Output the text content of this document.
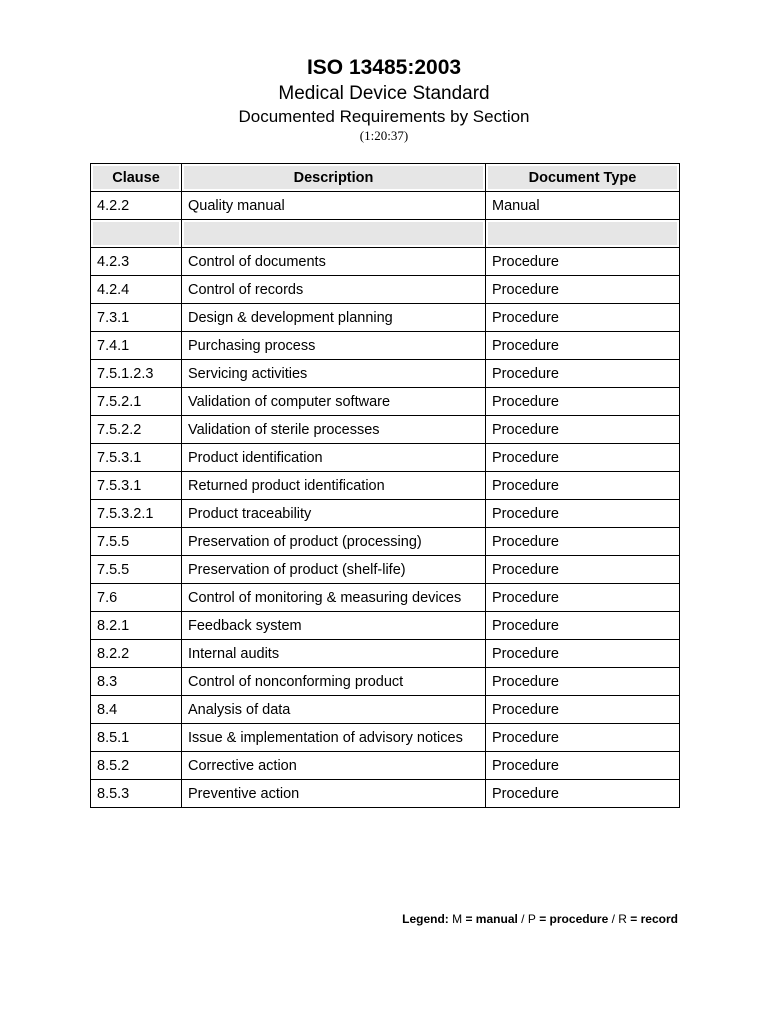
ISO 13485:2003
Medical Device Standard
Documented Requirements by Section
(1:20:37)
Clause	Description	Document Type
4.2.2	Quality manual	Manual

4.2.3	Control of documents	Procedure
4.2.4	Control of records	Procedure
7.3.1	Design & development planning	Procedure
7.4.1	Purchasing process	Procedure
7.5.1.2.3	Servicing activities	Procedure
7.5.2.1	Validation of computer software	Procedure
7.5.2.2	Validation of sterile processes	Procedure
7.5.3.1	Product identification	Procedure
7.5.3.1	Returned product identification	Procedure
7.5.3.2.1	Product traceability	Procedure
7.5.5	Preservation of product (processing)	Procedure
7.5.5	Preservation of product (shelf-life)	Procedure
7.6	Control of monitoring & measuring devices	Procedure
8.2.1	Feedback system	Procedure
8.2.2	Internal audits	Procedure
8.3	Control of nonconforming product	Procedure
8.4	Analysis of data	Procedure
8.5.1	Issue & implementation of advisory notices	Procedure
8.5.2	Corrective action	Procedure
8.5.3	Preventive action	Procedure
Legend: M = manual / P = procedure / R = record
